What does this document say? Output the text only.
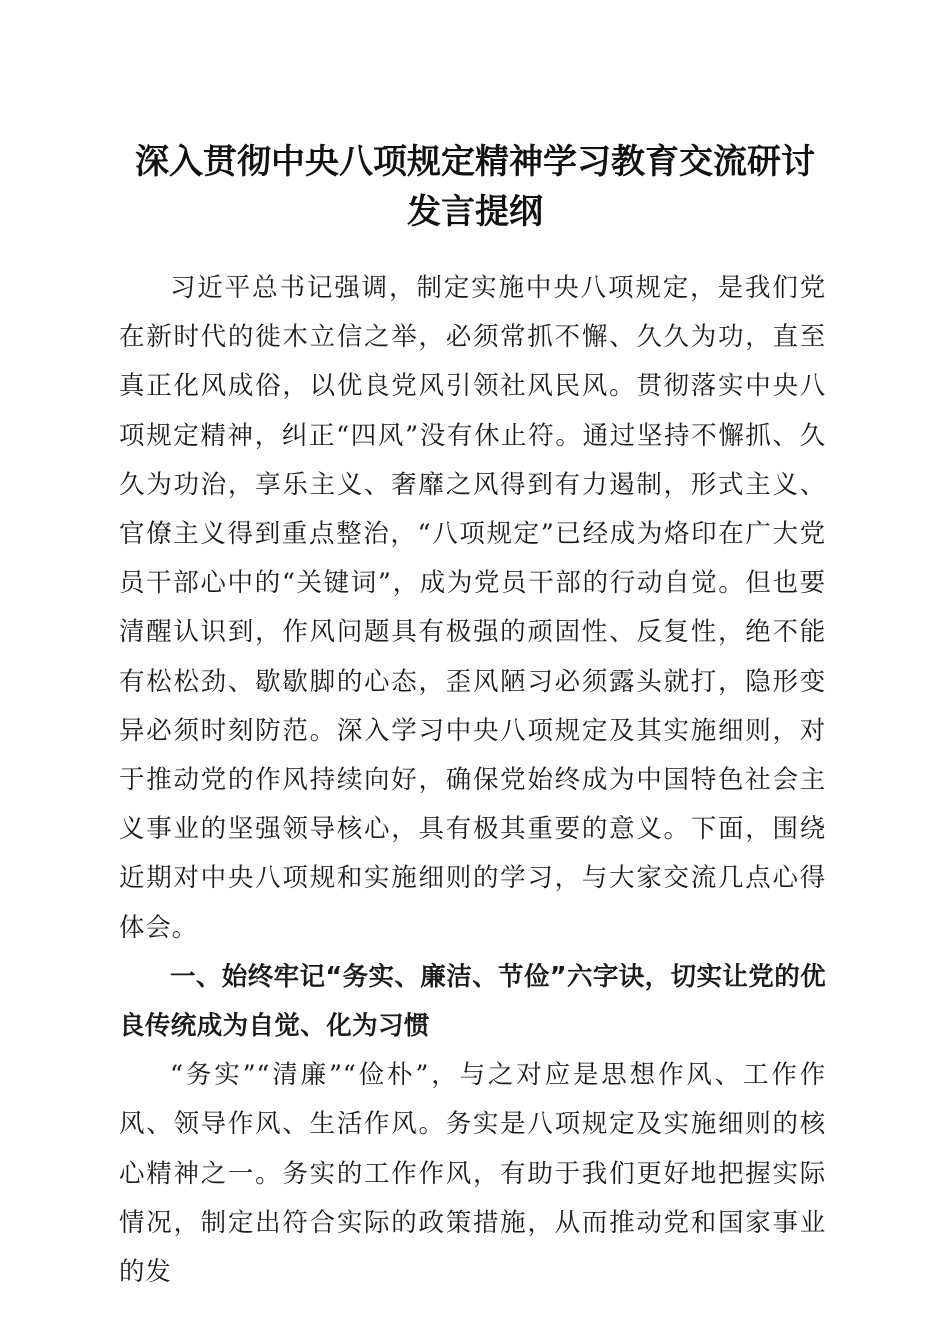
深入贯彻中央八项规定精神学习教育交流研讨
发言提纲

习近平总书记强调，制定实施中央八项规定，是我们党在新时代的徙木立信之举，必须常抓不懈、久久为功，直至真正化风成俗，以优良党风引领社风民风。贯彻落实中央八项规定精神，纠正“四风”没有休止符。通过坚持不懈抓、久久为功治，享乐主义、奢靡之风得到有力遏制，形式主义、官僚主义得到重点整治，“八项规定”已经成为烙印在广大党员干部心中的“关键词”，成为党员干部的行动自觉。但也要清醒认识到，作风问题具有极强的顽固性、反复性，绝不能有松松劲、歇歇脚的心态，歪风陋习必须露头就打，隐形变异必须时刻防范。深入学习中央八项规定及其实施细则，对于推动党的作风持续向好，确保党始终成为中国特色社会主义事业的坚强领导核心，具有极其重要的意义。下面，围绕近期对中央八项规和实施细则的学习，与大家交流几点心得体会。

一、始终牢记“务实、廉洁、节俭”六字诀，切实让党的优良传统成为自觉、化为习惯

“务实”“清廉”“俭朴”，与之对应是思想作风、工作作风、领导作风、生活作风。务实是八项规定及实施细则的核心精神之一。务实的工作作风，有助于我们更好地把握实际情况，制定出符合实际的政策措施，从而推动党和国家事业的发
